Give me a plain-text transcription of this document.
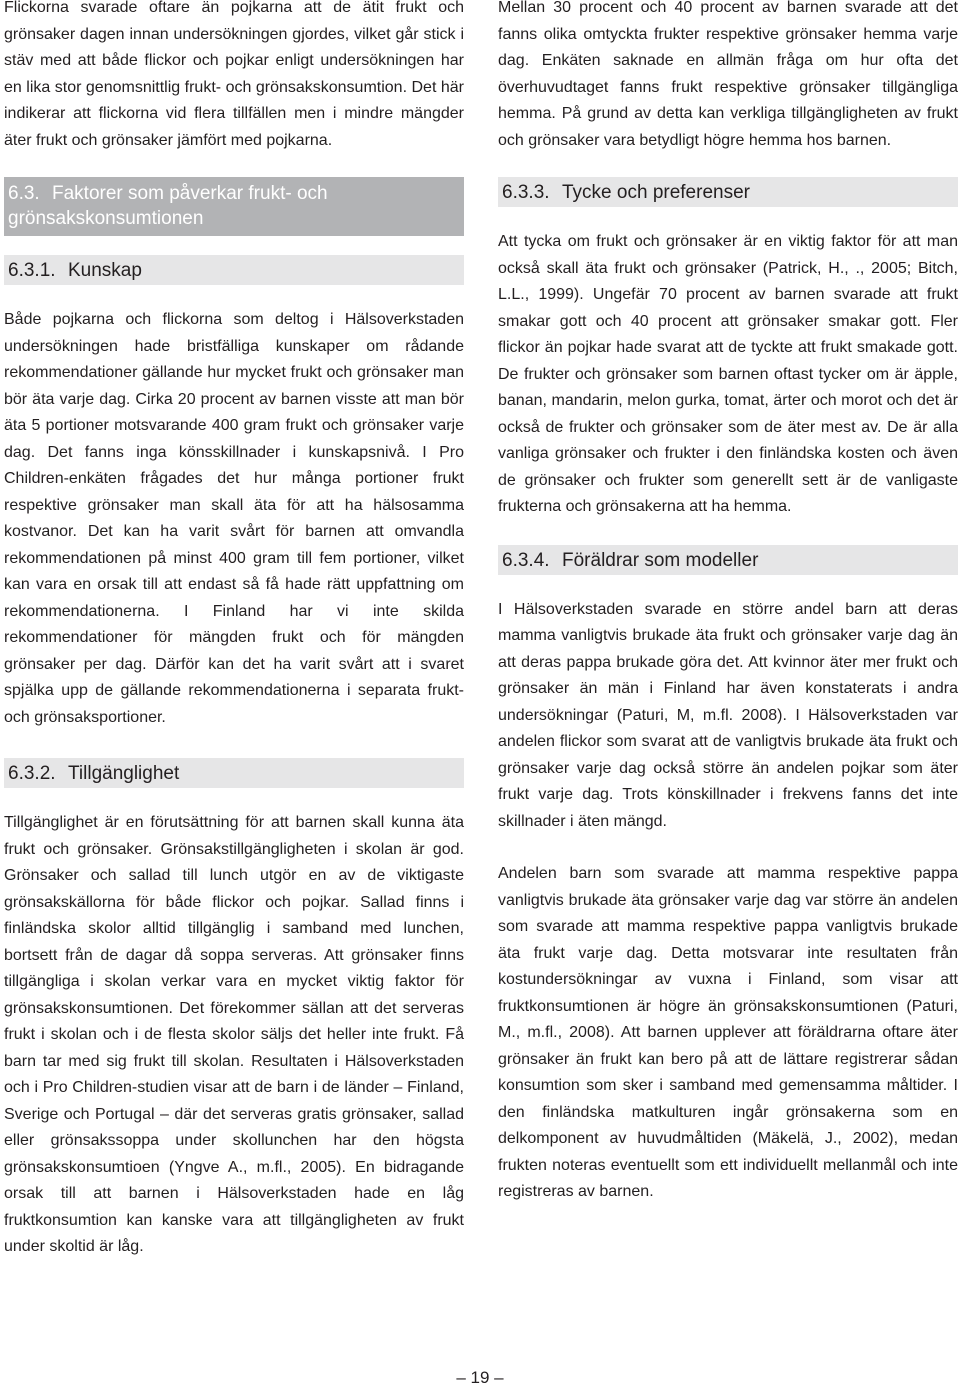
Flickorna svarade oftare än pojkarna att de ätit frukt och grönsaker dagen innan undersökningen gjordes, vilket går stick i stäv med att både flickor och pojkar enligt undersökningen har en lika stor genomsnittlig frukt- och grönsakskonsumtion. Det här indikerar att flickorna vid flera tillfällen men i mindre mängder äter frukt och grönsaker jämfört med pojkarna.

6.3. Faktorer som påverkar frukt- och grönsakskonsumtionen
6.3.1. Kunskap

Både pojkarna och flickorna som deltog i Hälsoverkstaden undersökningen hade bristfälliga kunskaper om rådande rekommendationer gällande hur mycket frukt och grönsaker man bör äta varje dag. Cirka 20 procent av barnen visste att man bör äta 5 portioner motsvarande 400 gram frukt och grönsaker varje dag. Det fanns inga könsskillnader i kunskapsnivå. I Pro Children-enkäten frågades det hur många portioner frukt respektive grönsaker man skall äta för att ha hälsosamma kostvanor. Det kan ha varit svårt för barnen att omvandla rekommendationen på minst 400 gram till fem portioner, vilket kan vara en orsak till att endast så få hade rätt uppfattning om rekommendationerna. I Finland har vi inte skilda rekommendationer för mängden frukt och för mängden grönsaker per dag. Därför kan det ha varit svårt att i svaret spjälka upp de gällande rekommendationerna i separata frukt- och grönsaksportioner.

6.3.2. Tillgänglighet

Tillgänglighet är en förutsättning för att barnen skall kunna äta frukt och grönsaker. Grönsakstillgängligheten i skolan är god. Grönsaker och sallad till lunch utgör en av de viktigaste grönsakskällorna för både flickor och pojkar. Sallad finns i finländska skolor alltid tillgänglig i samband med lunchen, bortsett från de dagar då soppa serveras. Att grönsaker finns tillgängliga i skolan verkar vara en mycket viktig faktor för grönsakskonsumtionen. Det förekommer sällan att det serveras frukt i skolan och i de flesta skolor säljs det heller inte frukt. Få barn tar med sig frukt till skolan. Resultaten i Hälsoverkstaden och i Pro Children-studien visar att de barn i de länder – Finland, Sverige och Portugal – där det serveras gratis grönsaker, sallad eller grönsakssoppa under skollunchen har den högsta grönsakskonsumtioen (Yngve A., m.fl., 2005). En bidragande orsak till att barnen i Hälsoverkstaden hade en låg fruktkonsumtion kan kanske vara att tillgängligheten av frukt under skoltid är låg.

Mellan 30 procent och 40 procent av barnen svarade att det fanns olika omtyckta frukter respektive grönsaker hemma varje dag. Enkäten saknade en allmän fråga om hur ofta det överhuvudtaget fanns frukt respektive grönsaker tillgängliga hemma. På grund av detta kan verkliga tillgängligheten av frukt och grönsaker vara betydligt högre hemma hos barnen.

6.3.3. Tycke och preferenser

Att tycka om frukt och grönsaker är en viktig faktor för att man också skall äta frukt och grönsaker (Patrick, H., ., 2005; Bitch, L.L., 1999). Ungefär 70 procent av barnen svarade att frukt smakar gott och 40 procent att grönsaker smakar gott. Fler flickor än pojkar hade svarat att de tyckte att frukt smakade gott. De frukter och grönsaker som barnen oftast tycker om är äpple, banan, mandarin, melon gurka, tomat, ärter och morot och det är också de frukter och grönsaker som de äter mest av. De är alla vanliga grönsaker och frukter i den finländska kosten och även de grönsaker och frukter som generellt sett är de vanligaste frukterna och grönsakerna att ha hemma.

6.3.4. Föräldrar som modeller

I Hälsoverkstaden svarade en större andel barn att deras mamma vanligtvis brukade äta frukt och grönsaker varje dag än att deras pappa brukade göra det. Att kvinnor äter mer frukt och grönsaker än män i Finland har även konstaterats i andra undersökningar (Paturi, M, m.fl. 2008). I Hälsoverkstaden var andelen flickor som svarat att de vanligtvis brukade äta frukt och grönsaker varje dag också större än andelen pojkar som äter frukt varje dag. Trots könskillnader i frekvens fanns det inte skillnader i äten mängd.

Andelen barn som svarade att mamma respektive pappa vanligtvis brukade äta grönsaker varje dag var större än andelen som svarade att mamma respektive pappa vanligtvis brukade äta frukt varje dag. Detta motsvarar inte resultaten från kostundersökningar av vuxna i Finland, som visar att fruktkonsumtionen är högre än grönsakskonsumtionen (Paturi, M., m.fl., 2008). Att barnen upplever att föräldrarna oftare äter grönsaker än frukt kan bero på att de lättare registrerar sådan konsumtion som sker i samband med gemensamma måltider. I den finländska matkulturen ingår grönsakerna som en delkomponent av huvudmåltiden (Mäkelä, J., 2002), medan frukten noteras eventuellt som ett individuellt mellanmål och inte registreras av barnen.

– 19 –
